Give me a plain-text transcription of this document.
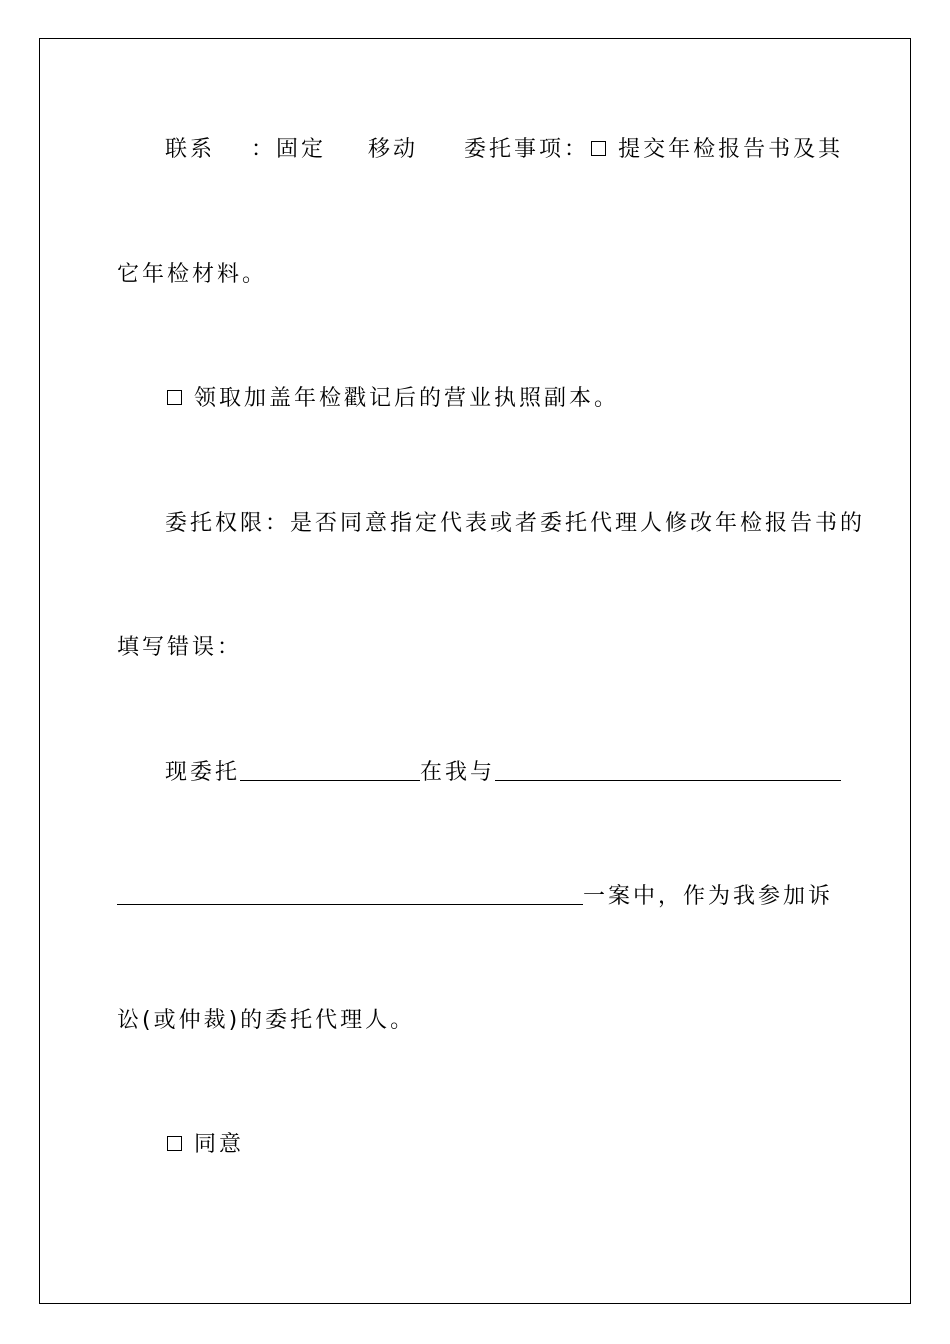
联系 ：固定 移动 委托事项： 提交年检报告书及其
它年检材料。
领取加盖年检戳记后的营业执照副本。
委托权限：是否同意指定代表或者委托代理人修改年检报告书的
填写错误：
现委托	在我与
一案中，作为我参加诉
讼(或仲裁)的委托代理人。
同意
